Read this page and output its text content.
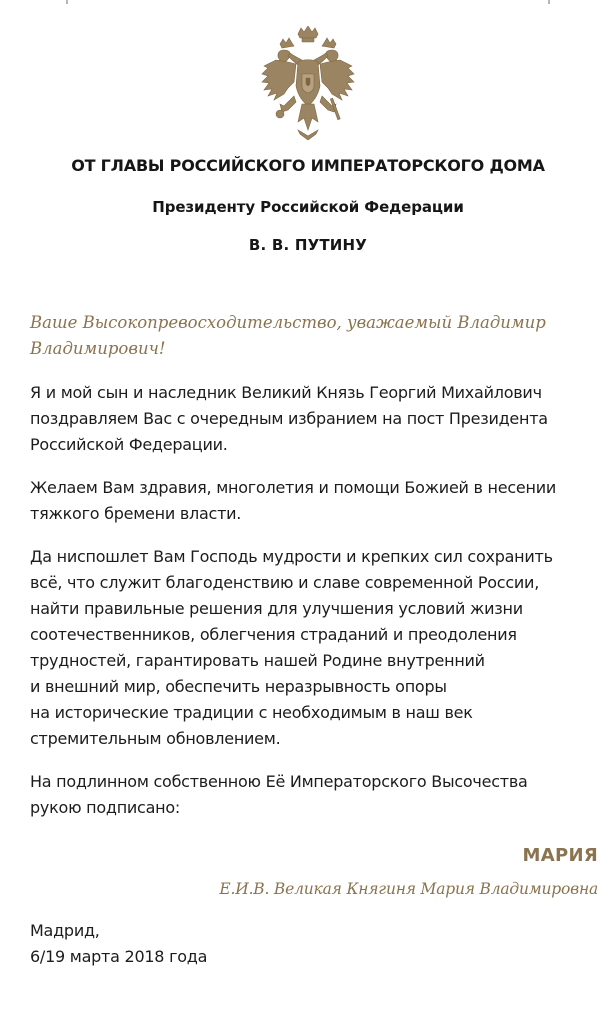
ОТ ГЛАВЫ РОССИЙСКОГО ИМПЕРАТОРСКОГО ДОМА
Президенту Российской Федерации
В. В. ПУТИНУ

Ваше Высокопревосходительство, уважаемый Владимир Владимирович!

Я и мой сын и наследник Великий Князь Георгий Михайлович
поздравляем Вас с очередным избранием на пост Президента
Российской Федерации.

Желаем Вам здравия, многолетия и помощи Божией в несении
тяжкого бремени власти.

Да ниспошлет Вам Господь мудрости и крепких сил сохранить
всё, что служит благоденствию и славе современной России,
найти правильные решения для улучшения условий жизни
соотечественников, облегчения страданий и преодоления
трудностей, гарантировать нашей Родине внутренний
и внешний мир, обеспечить неразрывность опоры
на исторические традиции с необходимым в наш век
стремительным обновлением.

На подлинном собственною Её Императорского Высочества
рукою подписано:

МАРИЯ
Е.И.В. Великая Княгиня Мария Владимировна
Мадрид,
6/19 марта 2018 года
